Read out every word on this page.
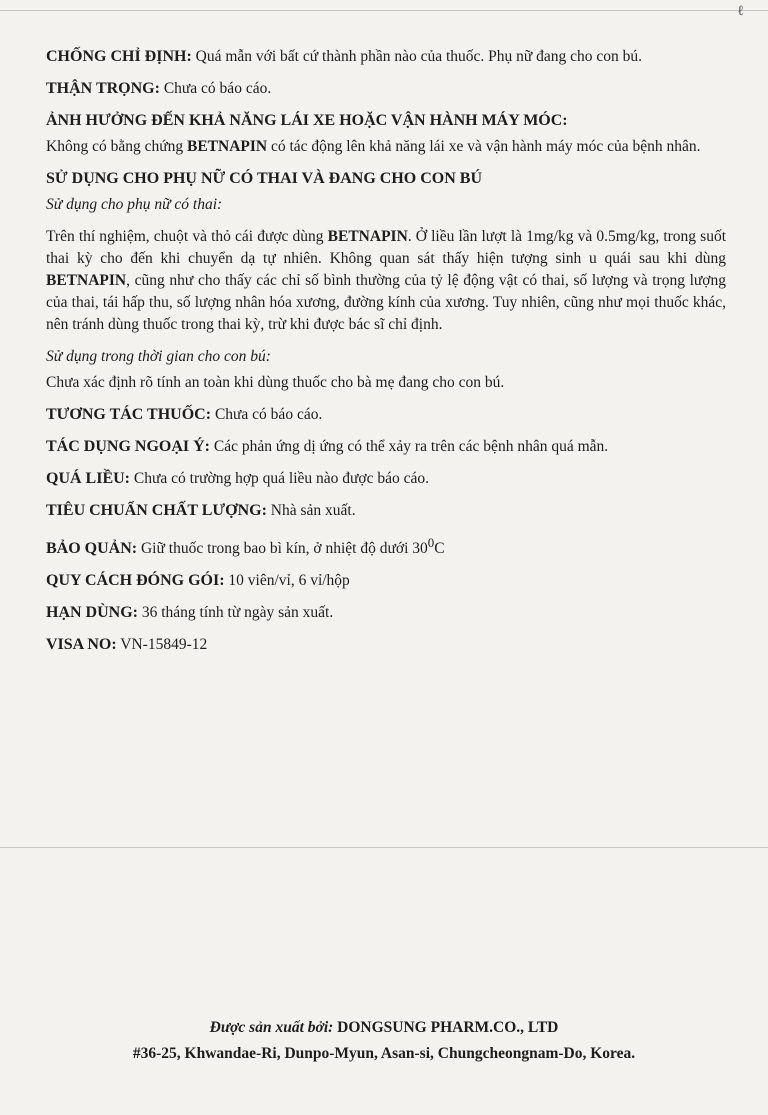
ℓ

CHỐNG CHỈ ĐỊNH: Quá mẫn với bất cứ thành phần nào của thuốc. Phụ nữ đang cho con bú.

THẬN TRỌNG: Chưa có báo cáo.

ẢNH HƯỞNG ĐẾN KHẢ NĂNG LÁI XE HOẶC VẬN HÀNH MÁY MÓC:

Không có bằng chứng BETNAPIN có tác động lên khả năng lái xe và vận hành máy móc của bệnh nhân.

SỬ DỤNG CHO PHỤ NỮ CÓ THAI VÀ ĐANG CHO CON BÚ

Sử dụng cho phụ nữ có thai:

Trên thí nghiệm, chuột và thỏ cái được dùng BETNAPIN. Ở liều lần lượt là 1mg/kg và 0.5mg/kg, trong suốt thai kỳ cho đến khi chuyển dạ tự nhiên. Không quan sát thấy hiện tượng sinh u quái sau khi dùng BETNAPIN, cũng như cho thấy các chỉ số bình thường của tỷ lệ động vật có thai, số lượng và trọng lượng của thai, tái hấp thu, số lượng nhân hóa xương, đường kính của xương. Tuy nhiên, cũng như mọi thuốc khác, nên tránh dùng thuốc trong thai kỳ, trừ khi được bác sĩ chỉ định.

Sử dụng trong thời gian cho con bú:

Chưa xác định rõ tính an toàn khi dùng thuốc cho bà mẹ đang cho con bú.

TƯƠNG TÁC THUỐC: Chưa có báo cáo.

TÁC DỤNG NGOẠI Ý: Các phản ứng dị ứng có thể xảy ra trên các bệnh nhân quá mẫn.

QUÁ LIỀU: Chưa có trường hợp quá liều nào được báo cáo.

TIÊU CHUẨN CHẤT LƯỢNG: Nhà sản xuất.

BẢO QUẢN: Giữ thuốc trong bao bì kín, ở nhiệt độ dưới $30^0C$

QUY CÁCH ĐÓNG GÓI: 10 viên/vỉ, 6 vỉ/hộp

HẠN DÙNG: 36 tháng tính từ ngày sản xuất.

VISA NO: VN-15849-12

Được sản xuất bởi: DONGSUNG PHARM.CO., LTD
#36-25, Khwandae-Ri, Dunpo-Myun, Asan-si, Chungcheongnam-Do, Korea.
